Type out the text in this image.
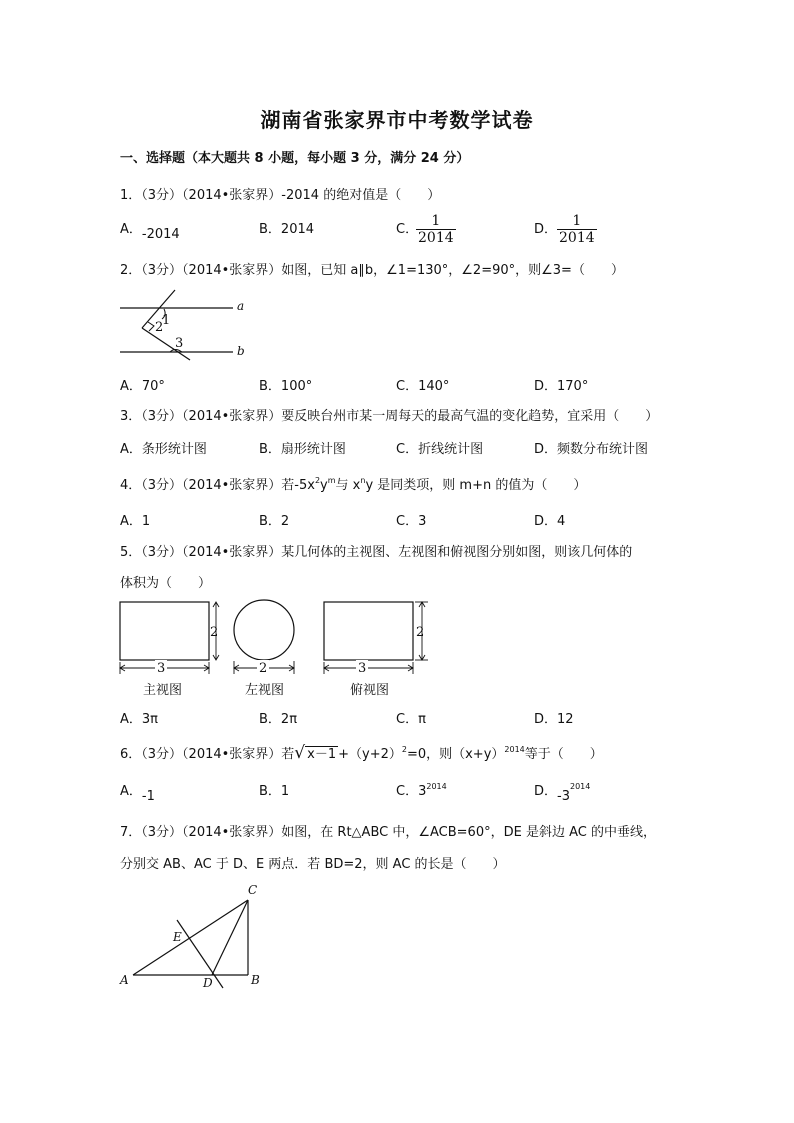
湖南省张家界市中考数学试卷
一、选择题（本大题共 8 小题，每小题 3 分，满分 24 分）
1．（3分）（2014•张家界）-2014 的绝对值是（　　）
A．-2014	B．2014	C．
$\frac{1}{2014}$	D． $\frac{1}{2014}$
2．（3分）（2014•张家界）如图，已知 a∥b，∠1=130°，∠2=90°，则∠3=（　　）
a
b
1
2
3
A．70°	B．100°	C．140°	D．170°
3．（3分）（2014•张家界）要反映台州市某一周每天的最高气温的变化趋势，宜采用（　　）
A．条形统计图	B．扇形统计图	C．折线统计图	D．频数分布统计图
4．（3分）（2014•张家界）若$-5x^2y^m$与 $x^ny$ 是同类项，则 m+n 的值为（　　）
A．1	B．2	C．3	D．4
5．（3分）（2014•张家界）某几何体的主视图、左视图和俯视图分别如图，则该几何体的
体积为（　　）
2
3
主视图
2
左视图
2
3
俯视图
A．3π	B．2π	C．π	D．12
6．（3分）（2014•张家界）若√ $x-1 +(y+2)^2=0$，则$(x+y)^{2014}$等于（　　）
A．-1	B．1	C．$3^{2014}$	D．$-3^{2014}$
7．（3分）（2014•张家界）如图，在 Rt△ABC 中，∠ACB=60°，DE 是斜边 AC 的中垂线，
分别交 AB、AC 于 D、E 两点．若 BD=2，则 AC 的长是（　　）
A	B
C
D
E
